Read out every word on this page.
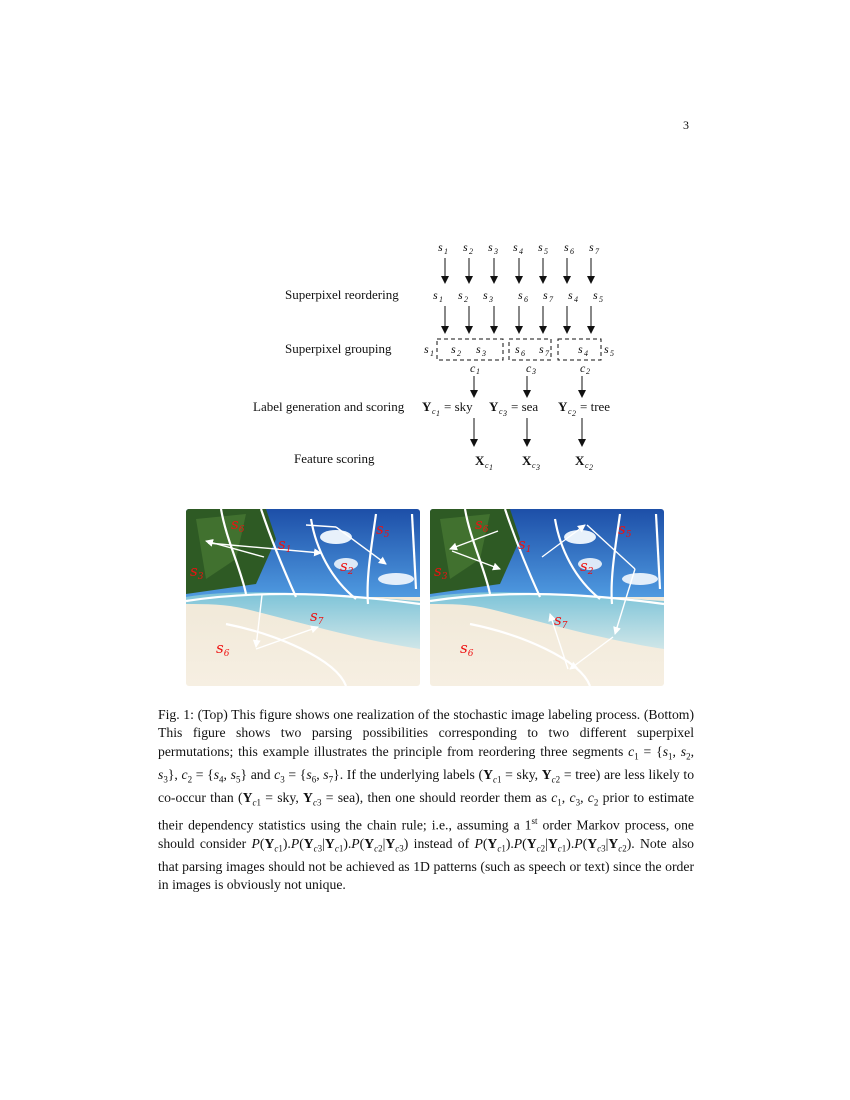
3
Superpixel reordering
Superpixel grouping
Label generation and scoring
Feature scoring
s 1 s 2 s 3 s 4 s 5 s 6 s 7
s 1 s 2 s 3 s 6 s 7 s 4 s 5
s 1 s 2 s 3 s 6 s 7 s 4 s 5
c 1	c 3	c 2
Y c 1 = sky Y c 3 = sea Y c 2 = tree
X c 1 X c 3	X c 2
$s_6$
$s_1$
$s_5$
$s_2$
$s_7$
$s_6$
$s_3$
$s_6$
$s_1$
$s_5$
$s_2$
$s_7$
$s_6$
$s_3$
Fig. 1: (Top) This figure shows one realization of the stochastic image labeling process. (Bottom) This figure shows two parsing possibilities corresponding to two different superpixel permutations; this example illustrates the principle from reordering three segments $c_1 = \{s_1$, $s_2$, $s_3$}, $c_2 = \{s_4$, $s_5$} and $c_3 = \{s_6$, $s_7$}. If the underlying labels ($Y_{c1}$ = sky, $Y_{c2}$ = tree) are less likely to co-occur than ($Y_{c1}$ = sky, $Y_{c3} = sea$), then one should reorder them as $c_1$, $c_3$, $c_2$ prior to estimate their dependency statistics using the chain rule; i.e., assuming a 1st order Markov process, one should consider $P(Y_{c1}).P(Y_{c3}|Y_{c1}).P(Y_{c2}|Y_{c3})$ instead of $P(Y_{c1}).P(Y_{c2}|Y_{c1}).P(Y_{c3}|Y_{c2})$. Note also that parsing images should not be achieved as 1D patterns (such as speech or text) since the order in images is obviously not unique.
